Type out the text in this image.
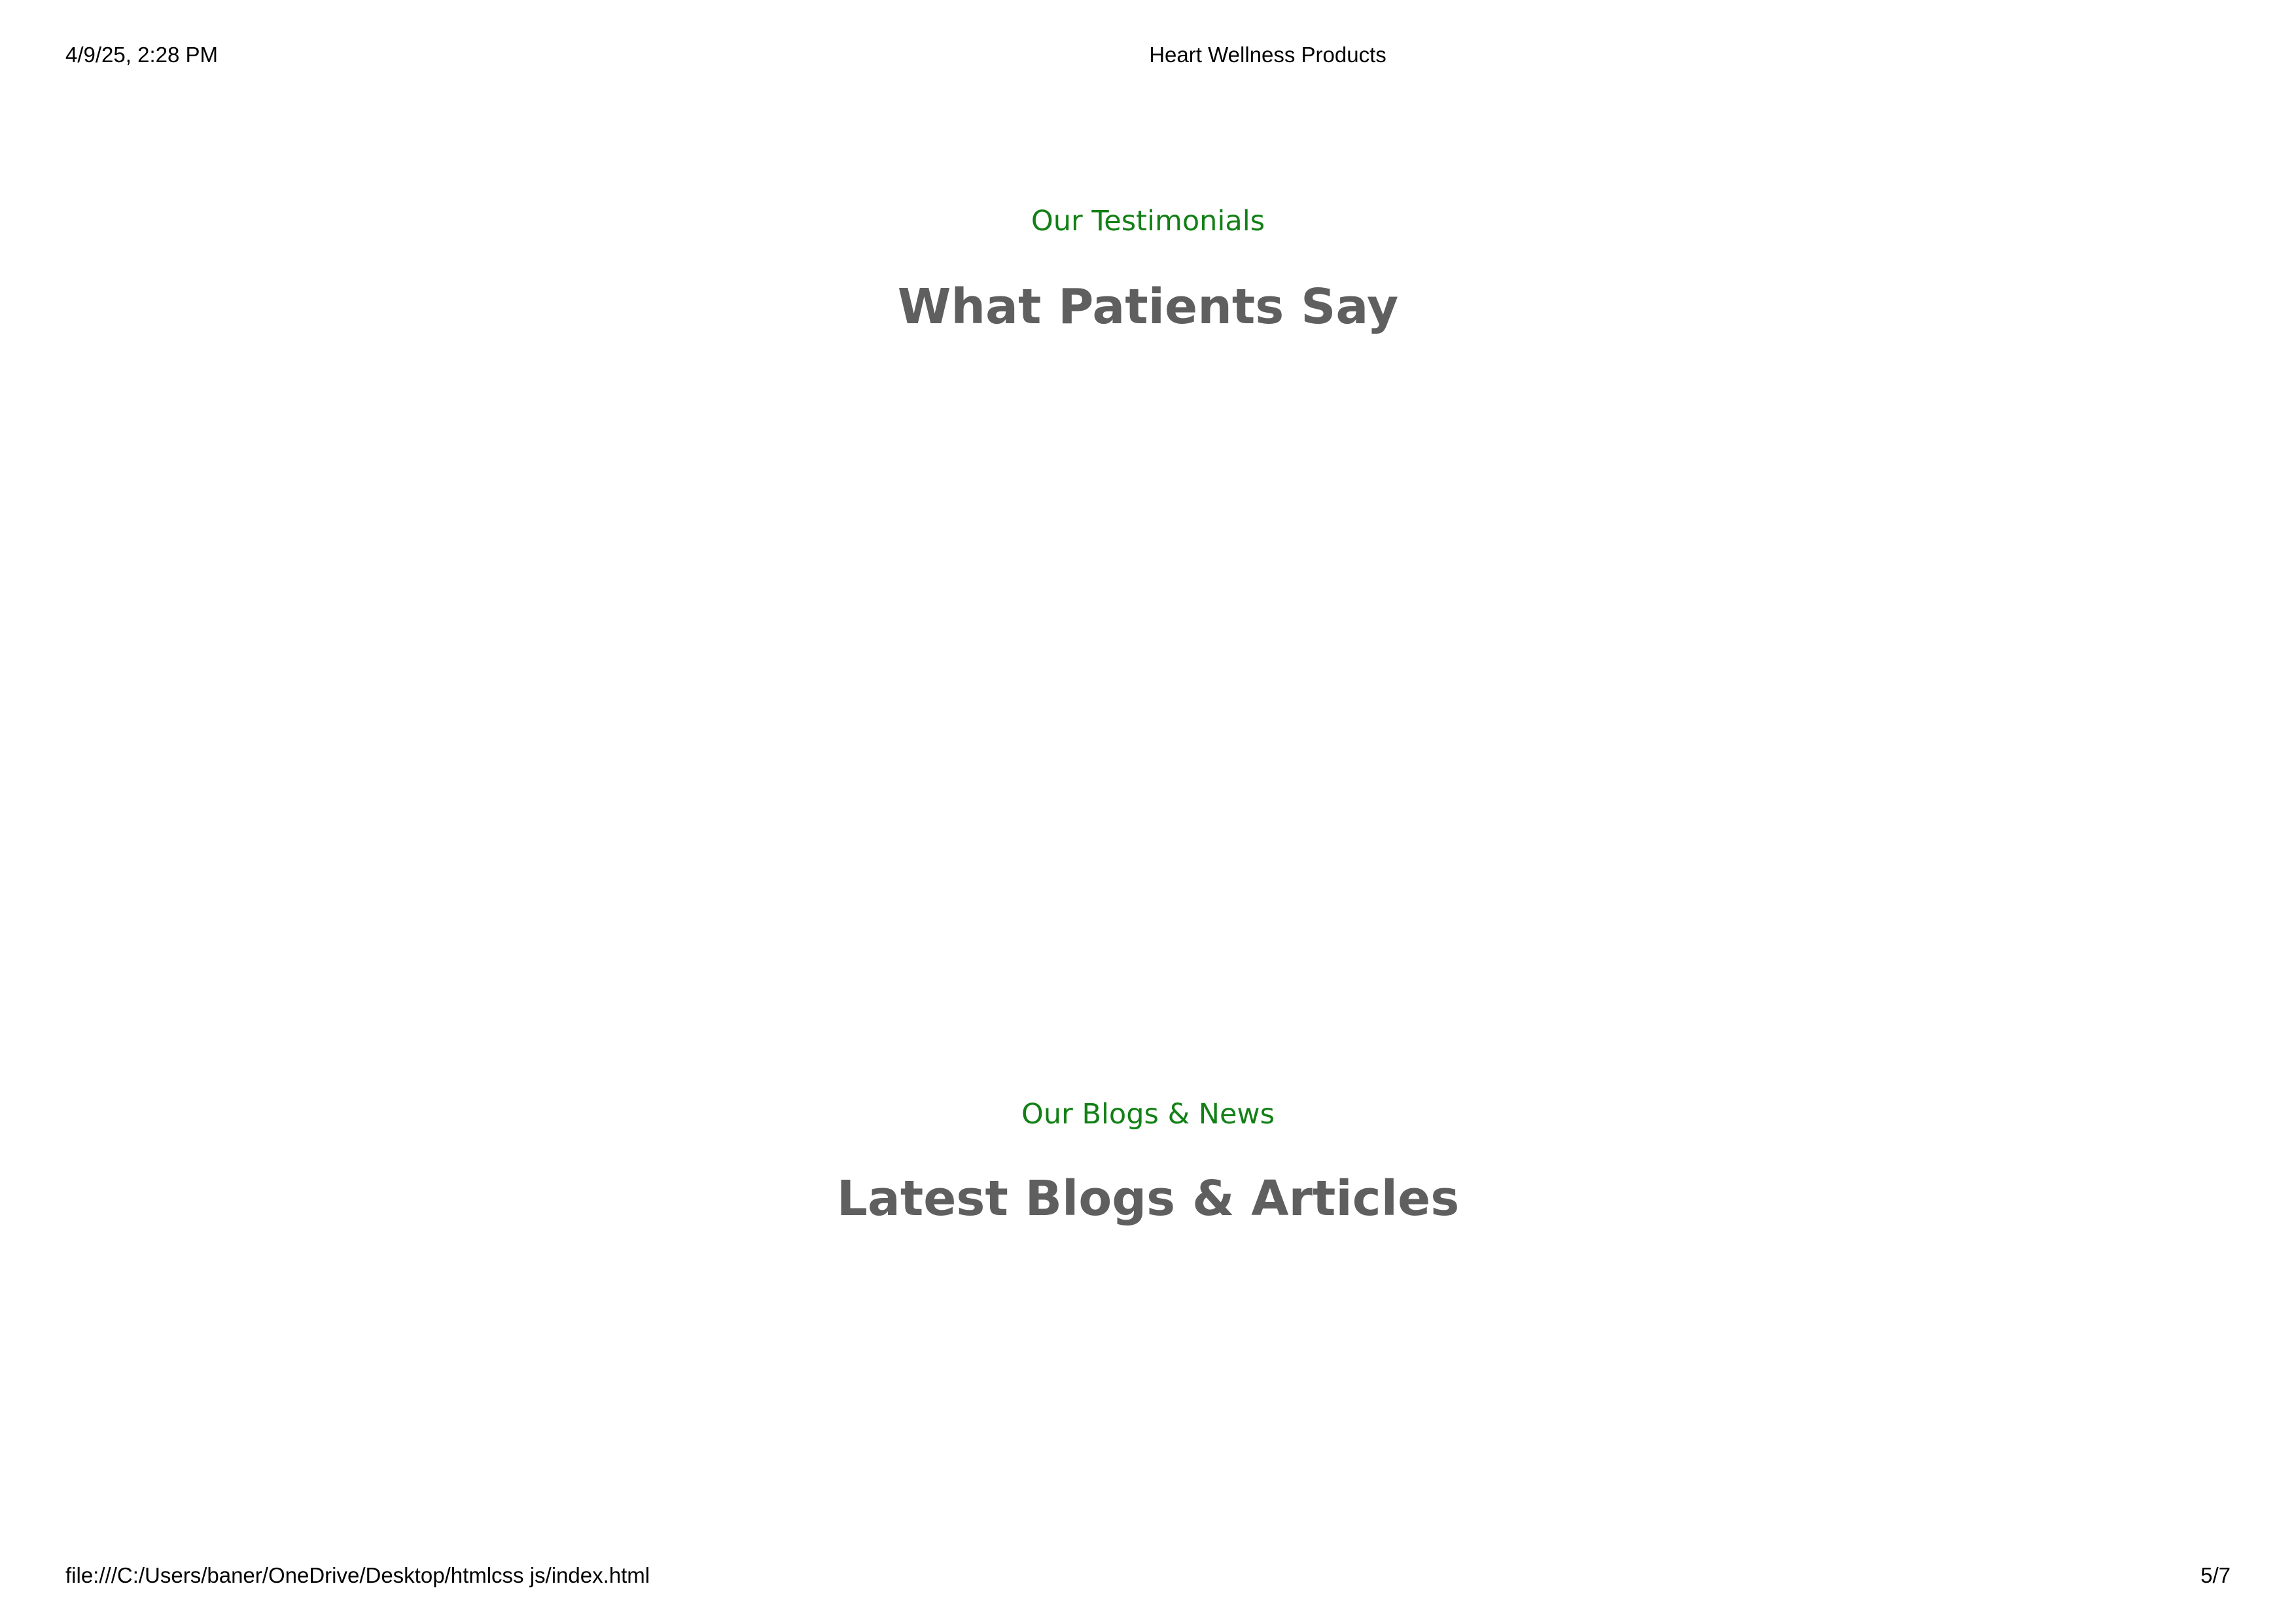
4/9/25, 2:28 PM	Heart Wellness Products
Our Testimonials
What Patients Say
Our Blogs & News
Latest Blogs & Articles
file:///C:/Users/baner/OneDrive/Desktop/htmlcss js/index.html	5/7
